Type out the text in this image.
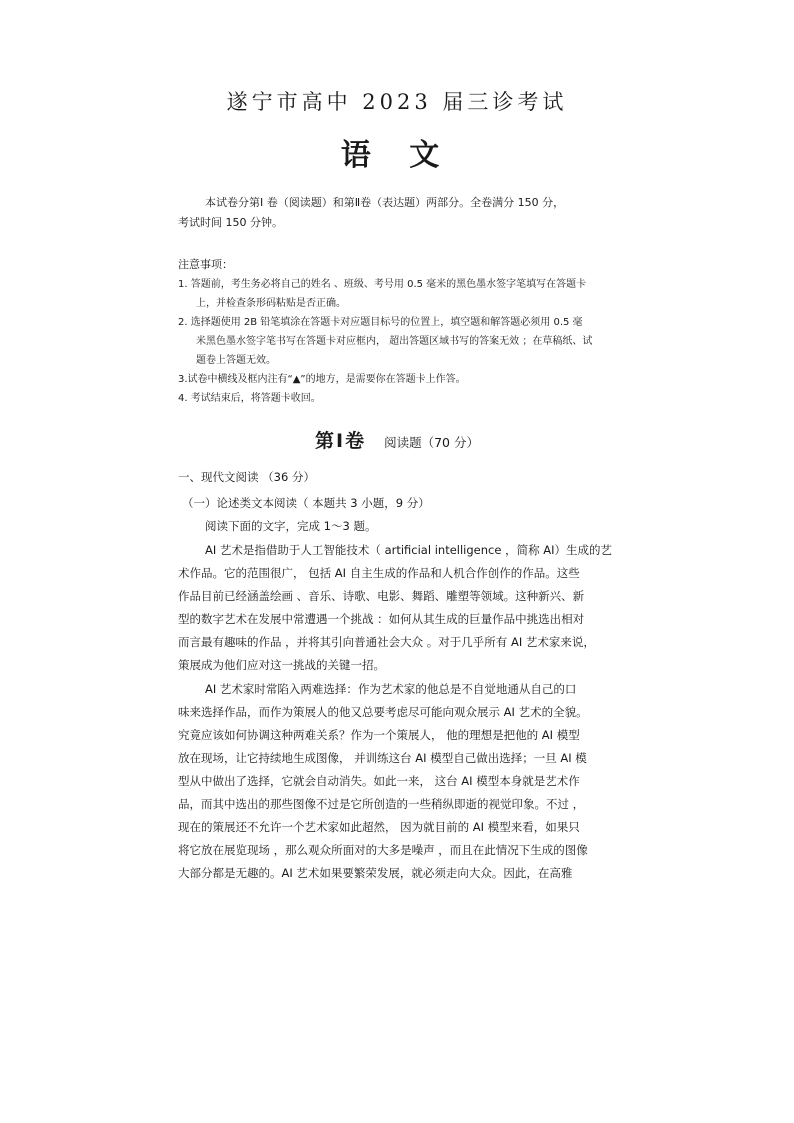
遂宁市高中 2023 届三诊考试
语 文
本试卷分第Ⅰ 卷（阅读题）和第Ⅱ卷（表达题）两部分。全卷满分 150 分，
考试时间 150 分钟。
注意事项：
1. 答题前，考生务必将自己的姓名 、班级、考号用 0.5 毫米的黑色墨水签字笔填写在答题卡
上，并检查条形码粘贴是否正确。
2. 选择题使用 2B 铅笔填涂在答题卡对应题目标号的位置上，填空题和解答题必须用 0.5 毫
米黑色墨水签字笔书写在答题卡对应框内， 超出答题区域书写的答案无效 ；在草稿纸、试
题卷上答题无效。
3.试卷中横线及框内注有“▲”的地方，是需要你在答题卡上作答。
4. 考试结束后，将答题卡收回。
第Ⅰ卷 阅读题（70 分）
一、现代文阅读 （36 分）
（一）论述类文本阅读（ 本题共 3 小题，9 分）
阅读下面的文字，完成 1～3 题。
AI 艺术是指借助于人工智能技术（ artificial intelligence ，简称 AI）生成的艺
术作品。它的范围很广， 包括 AI 自主生成的作品和人机合作创作的作品。这些
作品目前已经涵盖绘画 、音乐、诗歌、电影、舞蹈、雕塑等领域。这种新兴、新
型的数字艺术在发展中常遭遇一个挑战 ：如何从其生成的巨量作品中挑选出相对
而言最有趣味的作品 ，并将其引向普通社会大众 。对于几乎所有 AI 艺术家来说，
策展成为他们应对这一挑战的关键一招。
AI 艺术家时常陷入两难选择：作为艺术家的他总是不自觉地通从自己的口
味来选择作品，而作为策展人的他又总要考虑尽可能向观众展示 AI 艺术的全貌。
究竟应该如何协调这种两难关系？作为一个策展人， 他的理想是把他的 AI 模型
放在现场，让它持续地生成图像， 并训练这台 AI 模型自己做出选择；一旦 AI 模
型从中做出了选择，它就会自动消失。如此一来， 这台 AI 模型本身就是艺术作
品，而其中选出的那些图像不过是它所创造的一些稍纵即逝的视觉印象。不过 ，
现在的策展还不允许一个艺术家如此超然， 因为就目前的 AI 模型来看，如果只
将它放在展览现场 ，那么观众所面对的大多是噪声 ，而且在此情况下生成的图像
大部分都是无趣的。AI 艺术如果要繁荣发展，就必须走向大众。因此，在高雅
